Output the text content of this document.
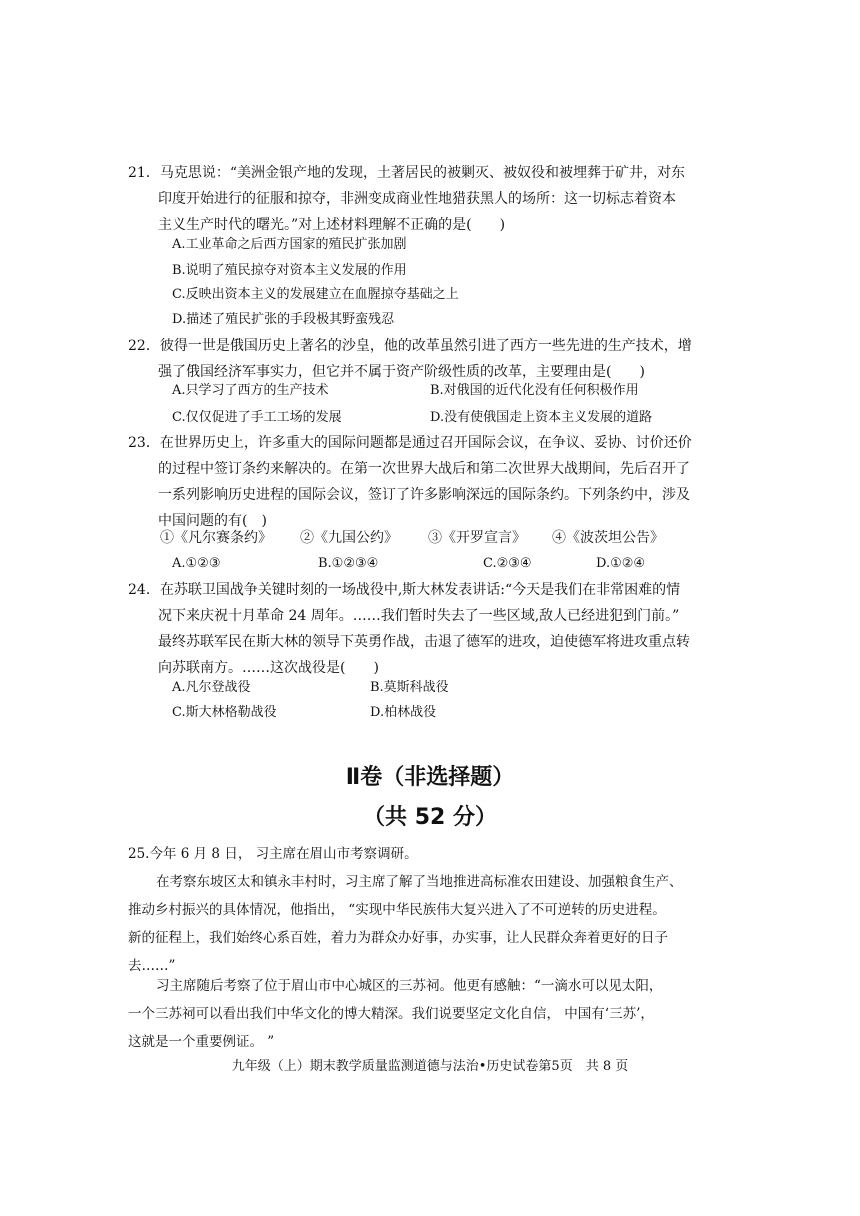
21．马克思说：“美洲金银产地的发现，土著居民的被剿灭、被奴役和被埋葬于矿井，对东
印度开始进行的征服和掠夺，非洲变成商业性地猎获黑人的场所：这一切标志着资本
主义生产时代的曙光。”对上述材料理解不正确的是(　　)
A.工业革命之后西方国家的殖民扩张加剧
B.说明了殖民掠夺对资本主义发展的作用
C.反映出资本主义的发展建立在血腥掠夺基础之上
D.描述了殖民扩张的手段极其野蛮残忍
22．彼得一世是俄国历史上著名的沙皇，他的改革虽然引进了西方一些先进的生产技术，增
强了俄国经济军事实力，但它并不属于资产阶级性质的改革，主要理由是(　　)
A.只学习了西方的生产技术	B.对俄国的近代化没有任何积极作用
C.仅仅促进了手工工场的发展	D.没有使俄国走上资本主义发展的道路
23．在世界历史上，许多重大的国际问题都是通过召开国际会议，在争议、妥协、讨价还价
的过程中签订条约来解决的。在第一次世界大战后和第二次世界大战期间，先后召开了
一系列影响历史进程的国际会议，签订了许多影响深远的国际条约。下列条约中，涉及
中国问题的有(　)
①《凡尔赛条约》 ②《九国公约》 ③《开罗宣言》 ④《波茨坦公告》
A.①②③	B.①②③④	C.②③④	D.①②④
24．在苏联卫国战争关键时刻的一场战役中,斯大林发表讲话:“今天是我们在非常困难的情
况下来庆祝十月革命 24 周年。……我们暂时失去了一些区域,敌人已经进犯到门前。”
最终苏联军民在斯大林的领导下英勇作战，击退了德军的进攻，迫使德军将进攻重点转
向苏联南方。……这次战役是(　　)
A.凡尔登战役	B.莫斯科战役
C.斯大林格勒战役	D.柏林战役
Ⅱ卷（非选择题）
（共 52 分）
25.今年 6 月 8 日， 习主席在眉山市考察调研。
在考察东坡区太和镇永丰村时，习主席了解了当地推进高标准农田建设、加强粮食生产、
推动乡村振兴的具体情况，他指出， “实现中华民族伟大复兴进入了不可逆转的历史进程。
新的征程上，我们始终心系百姓，着力为群众办好事，办实事，让人民群众奔着更好的日子
去……”
习主席随后考察了位于眉山市中心城区的三苏祠。他更有感触：“一滴水可以见太阳，
一个三苏祠可以看出我们中华文化的博大精深。我们说要坚定文化自信， 中国有‘三苏’，
这就是一个重要例证。 ”
九年级（上）期末教学质量监测道德与法治•历史试卷第5页　共 8 页
